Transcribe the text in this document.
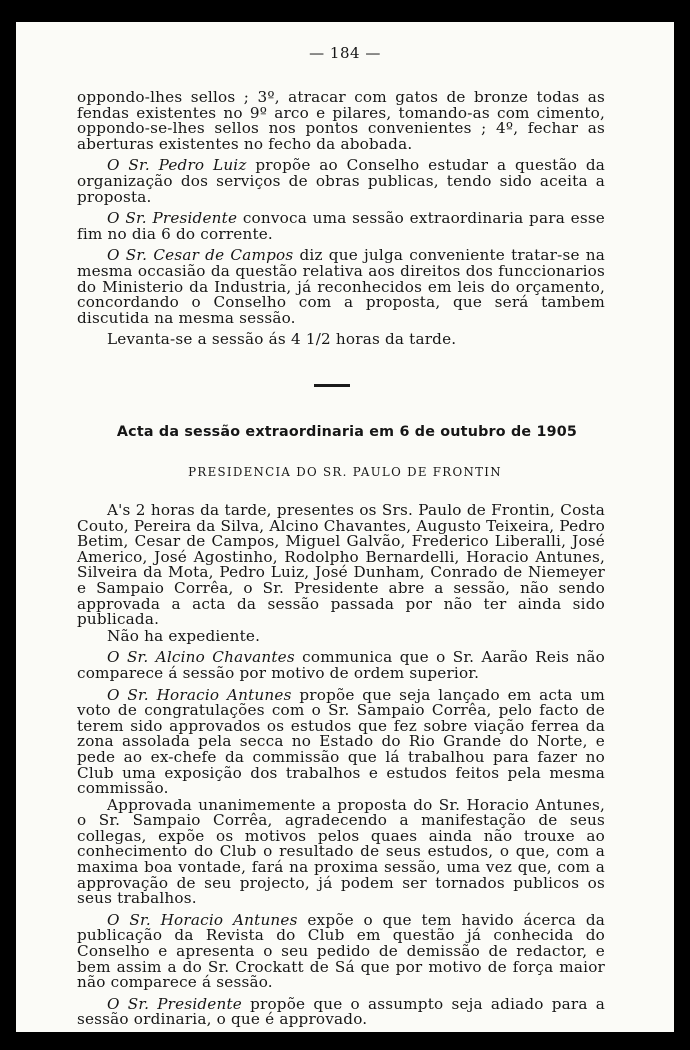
— 184 —

oppondo-lhes sellos ; 3º, atracar com gatos de bronze todas as fendas existentes no 9º arco e pilares, tomando-as com cimento, oppondo-se-lhes sellos nos pontos convenientes ; 4º, fechar as aberturas existentes no fecho da abobada.

O Sr. Pedro Luiz propõe ao Conselho estudar a questão da organização dos serviços de obras publicas, tendo sido aceita a proposta.

O Sr. Presidente convoca uma sessão extraordinaria para esse fim no dia 6 do corrente.

O Sr. Cesar de Campos diz que julga conveniente tratar-se na mesma occasião da questão relativa aos direitos dos funccionarios do Ministerio da Industria, já reconhecidos em leis do orçamento, concordando o Conselho com a proposta, que será tambem discutida na mesma sessão.

Levanta-se a sessão ás 4 1/2 horas da tarde.

Acta da sessão extraordinaria em 6 de outubro de 1905
PRESIDENCIA DO SR. PAULO DE FRONTIN

A's 2 horas da tarde, presentes os Srs. Paulo de Frontin, Costa Couto, Pereira da Silva, Alcino Chavantes, Augusto Teixeira, Pedro Betim, Cesar de Campos, Miguel Galvão, Frederico Liberalli, José Americo, José Agostinho, Rodolpho Bernardelli, Horacio Antunes, Silveira da Mota, Pedro Luiz, José Dunham, Conrado de Niemeyer e Sampaio Corrêa, o Sr. Presidente abre a sessão, não sendo approvada a acta da sessão passada por não ter ainda sido publicada.

Não ha expediente.

O Sr. Alcino Chavantes communica que o Sr. Aarão Reis não comparece á sessão por motivo de ordem superior.

O Sr. Horacio Antunes propõe que seja lançado em acta um voto de congratulações com o Sr. Sampaio Corrêa, pelo facto de terem sido approvados os estudos que fez sobre viação ferrea da zona assolada pela secca no Estado do Rio Grande do Norte, e pede ao ex-chefe da commissão que lá trabalhou para fazer no Club uma exposição dos trabalhos e estudos feitos pela mesma commissão.

Approvada unanimemente a proposta do Sr. Horacio Antunes, o Sr. Sampaio Corrêa, agradecendo a manifestação de seus collegas, expõe os motivos pelos quaes ainda não trouxe ao conhecimento do Club o resultado de seus estudos, o que, com a maxima boa vontade, fará na proxima sessão, uma vez que, com a approvação de seu projecto, já podem ser tornados publicos os seus trabalhos.

O Sr. Horacio Antunes expõe o que tem havido ácerca da publicação da Revista do Club em questão já conhecida do Conselho e apresenta o seu pedido de demissão de redactor, e bem assim a do Sr. Crockatt de Sá que por motivo de força maior não comparece á sessão.

O Sr. Presidente propõe que o assumpto seja adiado para a sessão ordinaria, o que é approvado.
